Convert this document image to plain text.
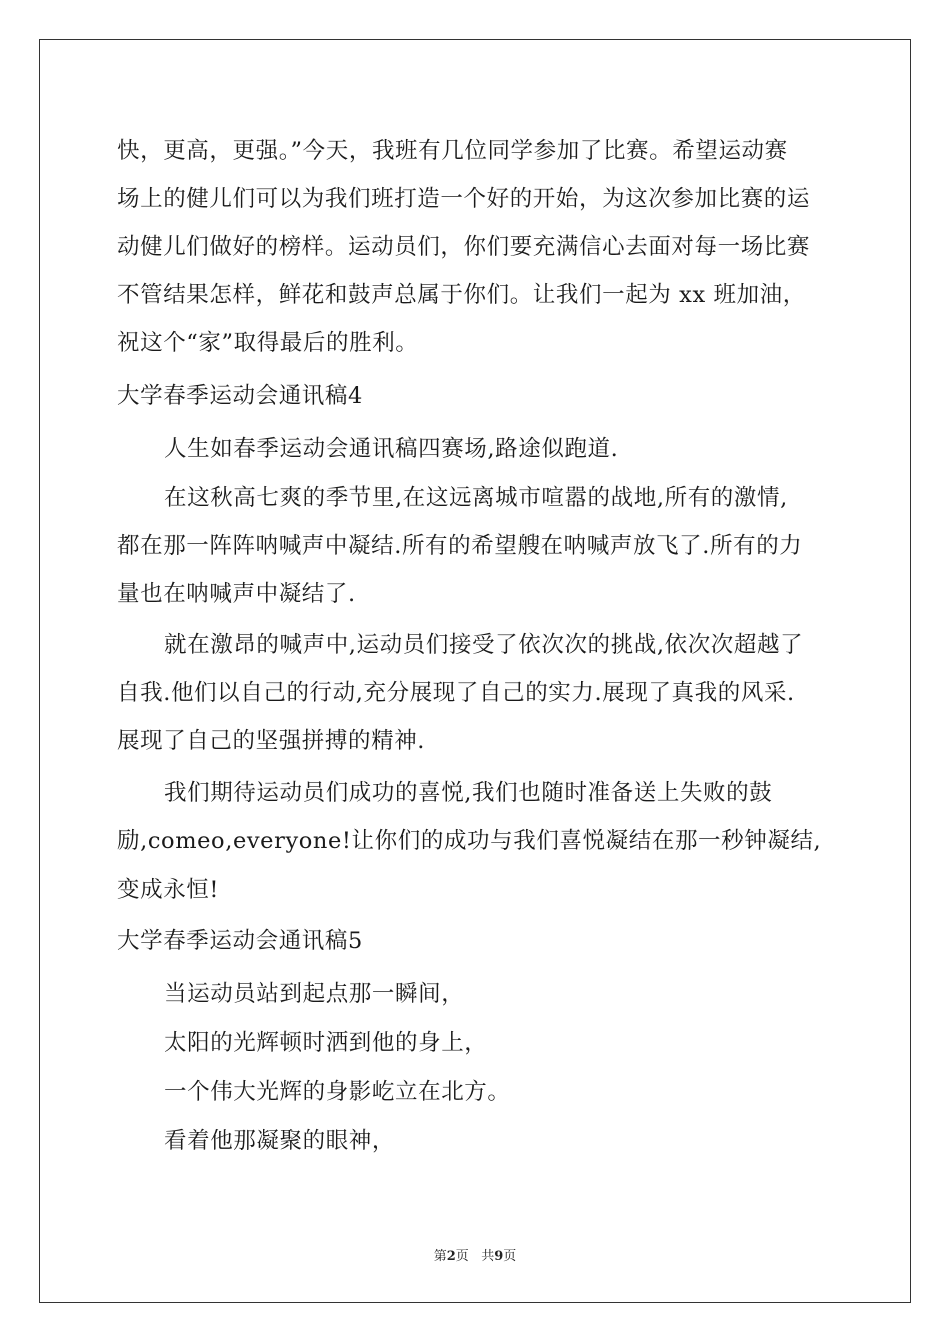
快，更高，更强。”今天，我班有几位同学参加了比赛。希望运动赛
场上的健儿们可以为我们班打造一个好的开始，为这次参加比赛的运
动健儿们做好的榜样。运动员们，你们要充满信心去面对每一场比赛
不管结果怎样，鲜花和鼓声总属于你们。让我们一起为 xx 班加油，
祝这个“家”取得最后的胜利。
大学春季运动会通讯稿4
人生如春季运动会通讯稿四赛场,路途似跑道.
在这秋高七爽的季节里,在这远离城市喧嚣的战地,所有的激情,
都在那一阵阵呐喊声中凝结.所有的希望艘在呐喊声放飞了.所有的力
量也在呐喊声中凝结了.
就在激昂的喊声中,运动员们接受了依次次的挑战,依次次超越了
自我.他们以自己的行动,充分展现了自己的实力.展现了真我的风采.
展现了自己的坚强拼搏的精神.
我们期待运动员们成功的喜悦,我们也随时准备送上失败的鼓
励,comeo,everyone!让你们的成功与我们喜悦凝结在那一秒钟凝结,
变成永恒!
大学春季运动会通讯稿5
当运动员站到起点那一瞬间，
太阳的光辉顿时洒到他的身上，
一个伟大光辉的身影屹立在北方。
看着他那凝聚的眼神，
第2页 共9页
